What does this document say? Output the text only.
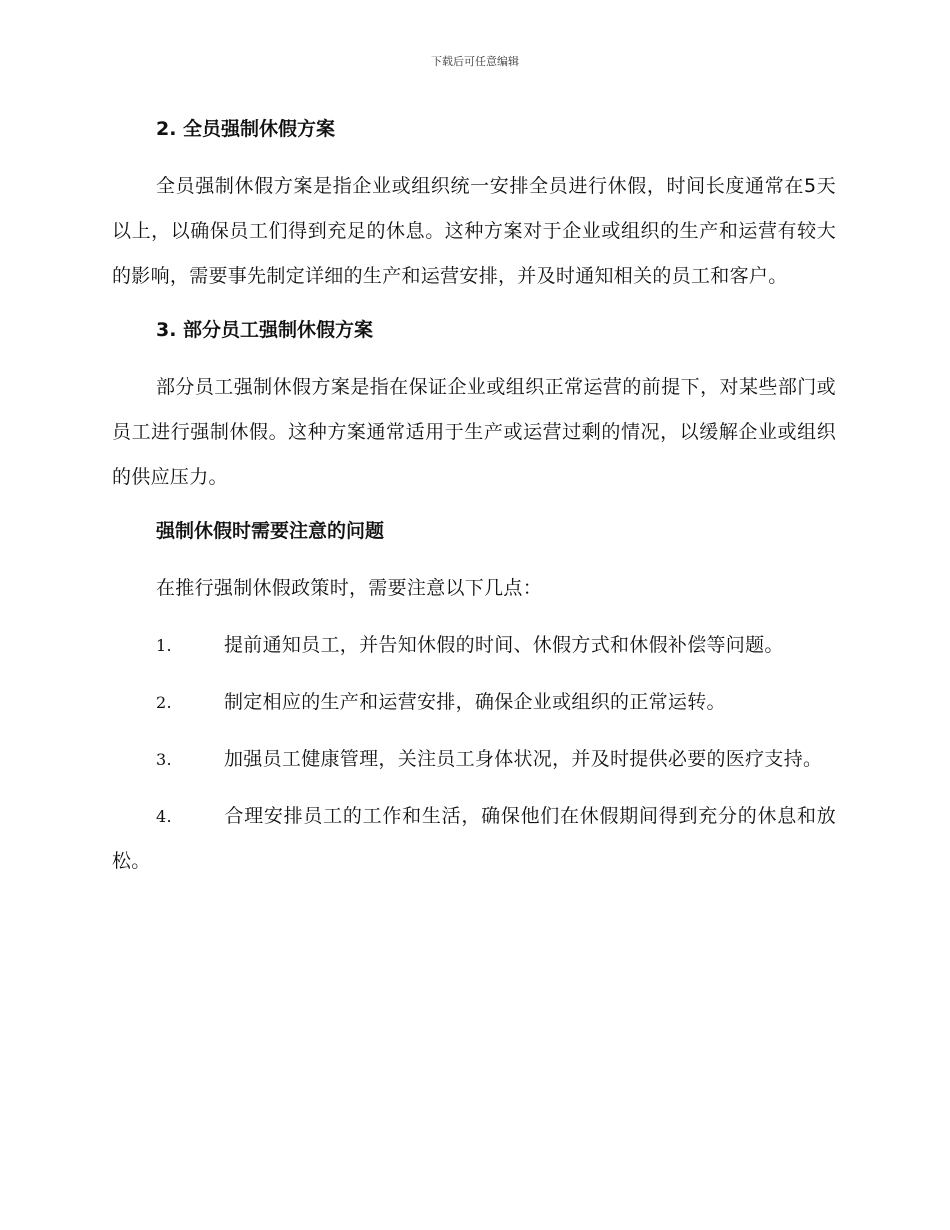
下载后可任意编辑
2. 全员强制休假方案

全员强制休假方案是指企业或组织统一安排全员进行休假，时间长度通常在5天以上，以确保员工们得到充足的休息。这种方案对于企业或组织的生产和运营有较大的影响，需要事先制定详细的生产和运营安排，并及时通知相关的员工和客户。

3. 部分员工强制休假方案

部分员工强制休假方案是指在保证企业或组织正常运营的前提下，对某些部门或员工进行强制休假。这种方案通常适用于生产或运营过剩的情况，以缓解企业或组织的供应压力。

强制休假时需要注意的问题

在推行强制休假政策时，需要注意以下几点：

1.	提前通知员工，并告知休假的时间、休假方式和休假补偿等问题。

2.	制定相应的生产和运营安排，确保企业或组织的正常运转。

3.	加强员工健康管理，关注员工身体状况，并及时提供必要的医疗支持。

4.	合理安排员工的工作和生活，确保他们在休假期间得到充分的休息和放松。
